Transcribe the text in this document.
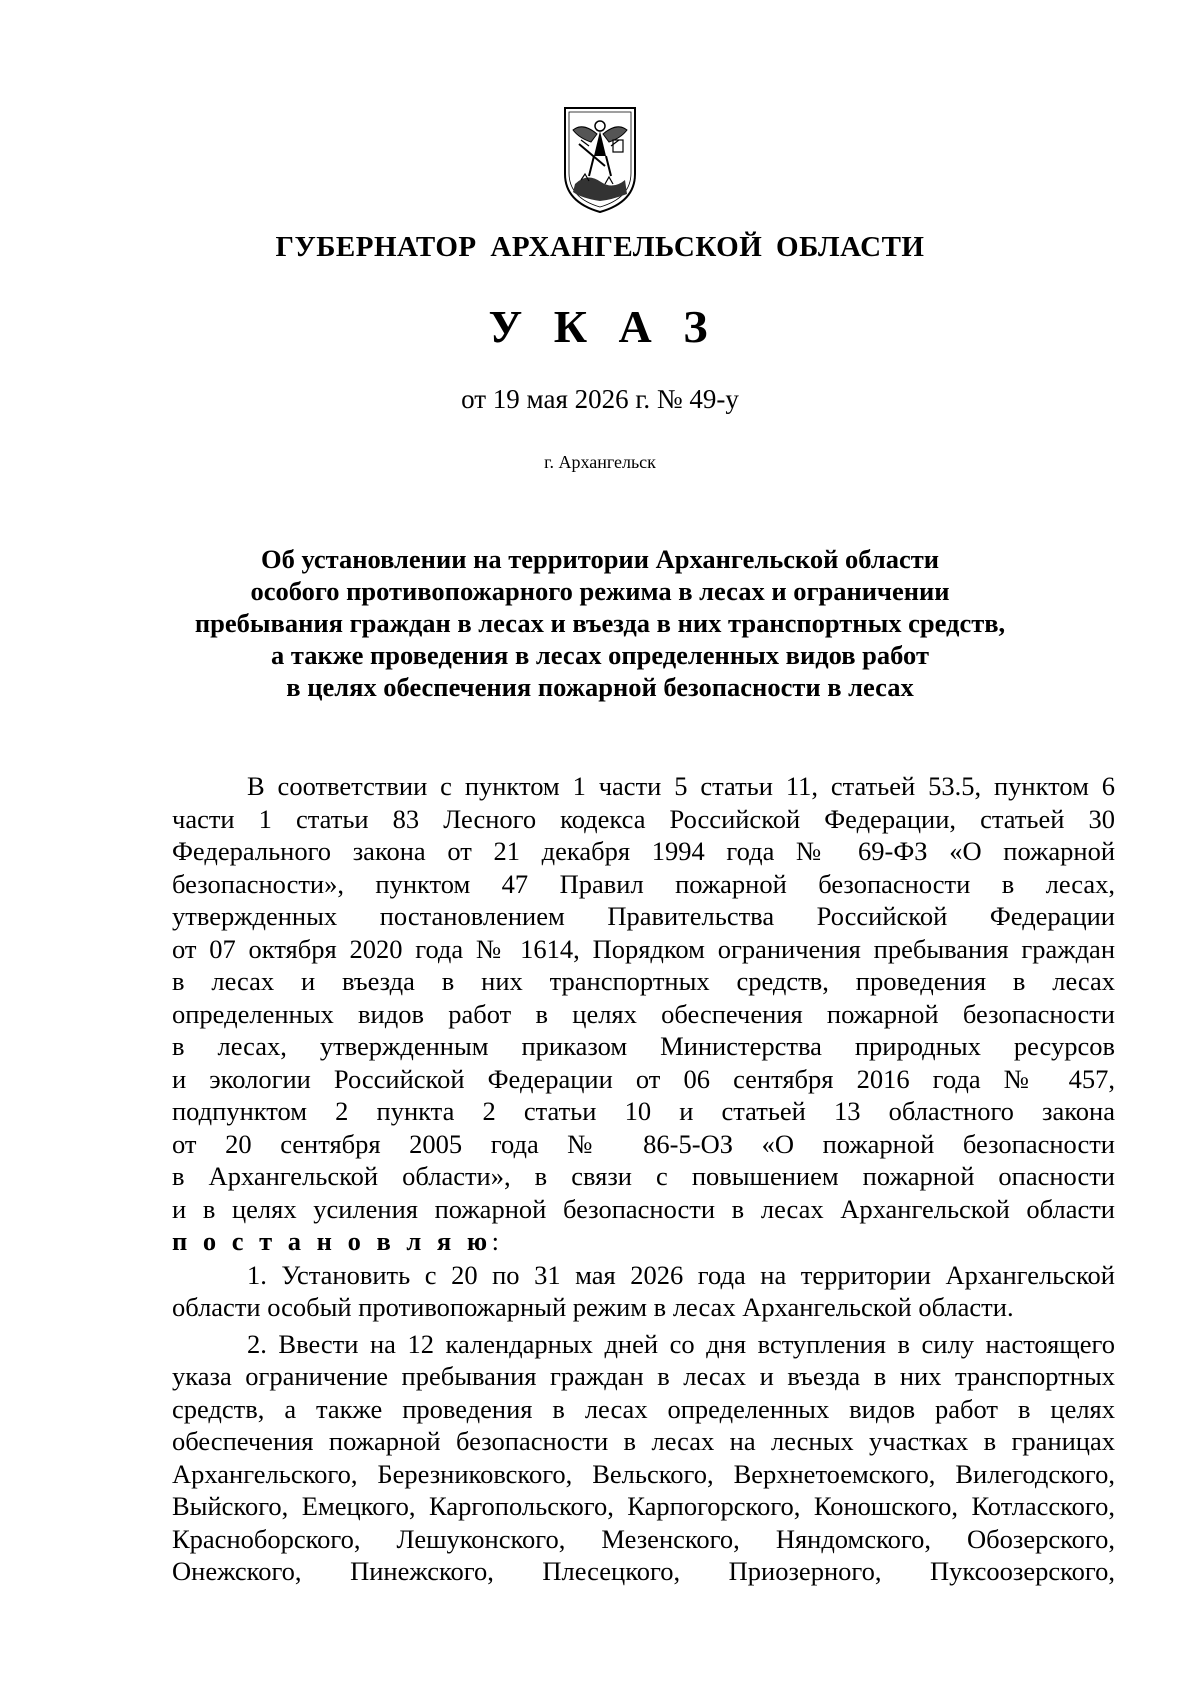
ГУБЕРНАТОР АРХАНГЕЛЬСКОЙ ОБЛАСТИ
У К А З
от 19 мая 2026 г. № 49-у
г. Архангельск
Об установлении на территории Архангельской области
особого противопожарного режима в лесах и ограничении
пребывания граждан в лесах и въезда в них транспортных средств,
а также проведения в лесах определенных видов работ
в целях обеспечения пожарной безопасности в лесах
В соответствии с пунктом 1 части 5 статьи 11, статьей 53.5, пунктом 6
части 1 статьи 83 Лесного кодекса Российской Федерации, статьей 30
Федерального закона от 21 декабря 1994 года № 69-ФЗ «О пожарной
безопасности», пунктом 47 Правил пожарной безопасности в лесах,
утвержденных постановлением Правительства Российской Федерации
от 07 октября 2020 года № 1614, Порядком ограничения пребывания граждан
в лесах и въезда в них транспортных средств, проведения в лесах
определенных видов работ в целях обеспечения пожарной безопасности
в лесах, утвержденным приказом Министерства природных ресурсов
и экологии Российской Федерации от 06 сентября 2016 года № 457,
подпунктом 2 пункта 2 статьи 10 и статьей 13 областного закона
от 20 сентября 2005 года № 86-5-ОЗ «О пожарной безопасности
в Архангельской области», в связи с повышением пожарной опасности
и в целях усиления пожарной безопасности в лесах Архангельской области
п о с т а н о в л я ю:
1. Установить с 20 по 31 мая 2026 года на территории Архангельской
области особый противопожарный режим в лесах Архангельской области.
2. Ввести на 12 календарных дней со дня вступления в силу настоящего
указа ограничение пребывания граждан в лесах и въезда в них транспортных
средств, а также проведения в лесах определенных видов работ в целях
обеспечения пожарной безопасности в лесах на лесных участках в границах
Архангельского, Березниковского, Вельского, Верхнетоемского, Вилегодского,
Выйского, Емецкого, Каргопольского, Карпогорского, Коношского, Котласского,
Красноборского, Лешуконского, Мезенского, Няндомского, Обозерского,
Онежского, Пинежского, Плесецкого, Приозерного, Пуксоозерского,
